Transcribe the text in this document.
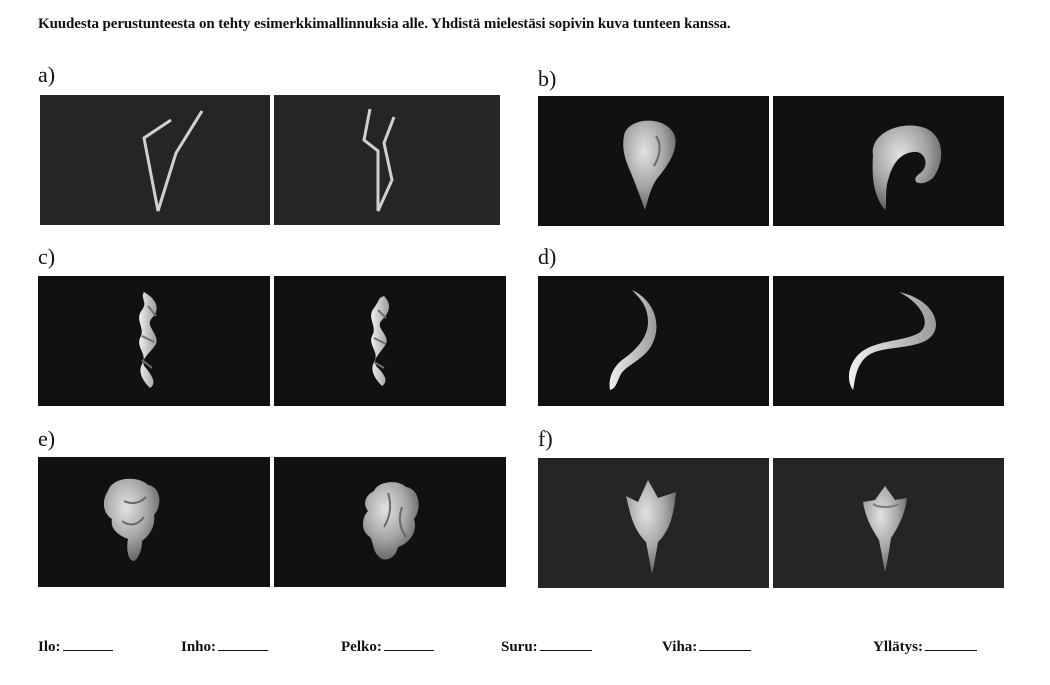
Kuudesta perustunteesta on tehty esimerkkimallinnuksia alle. Yhdistä mielestäsi sopivin kuva tunteen kanssa.
a)	b)
c)	d)
e)	f)
Ilo:	Inho:	Pelko:	Suru:	Viha:	Yllätys:
